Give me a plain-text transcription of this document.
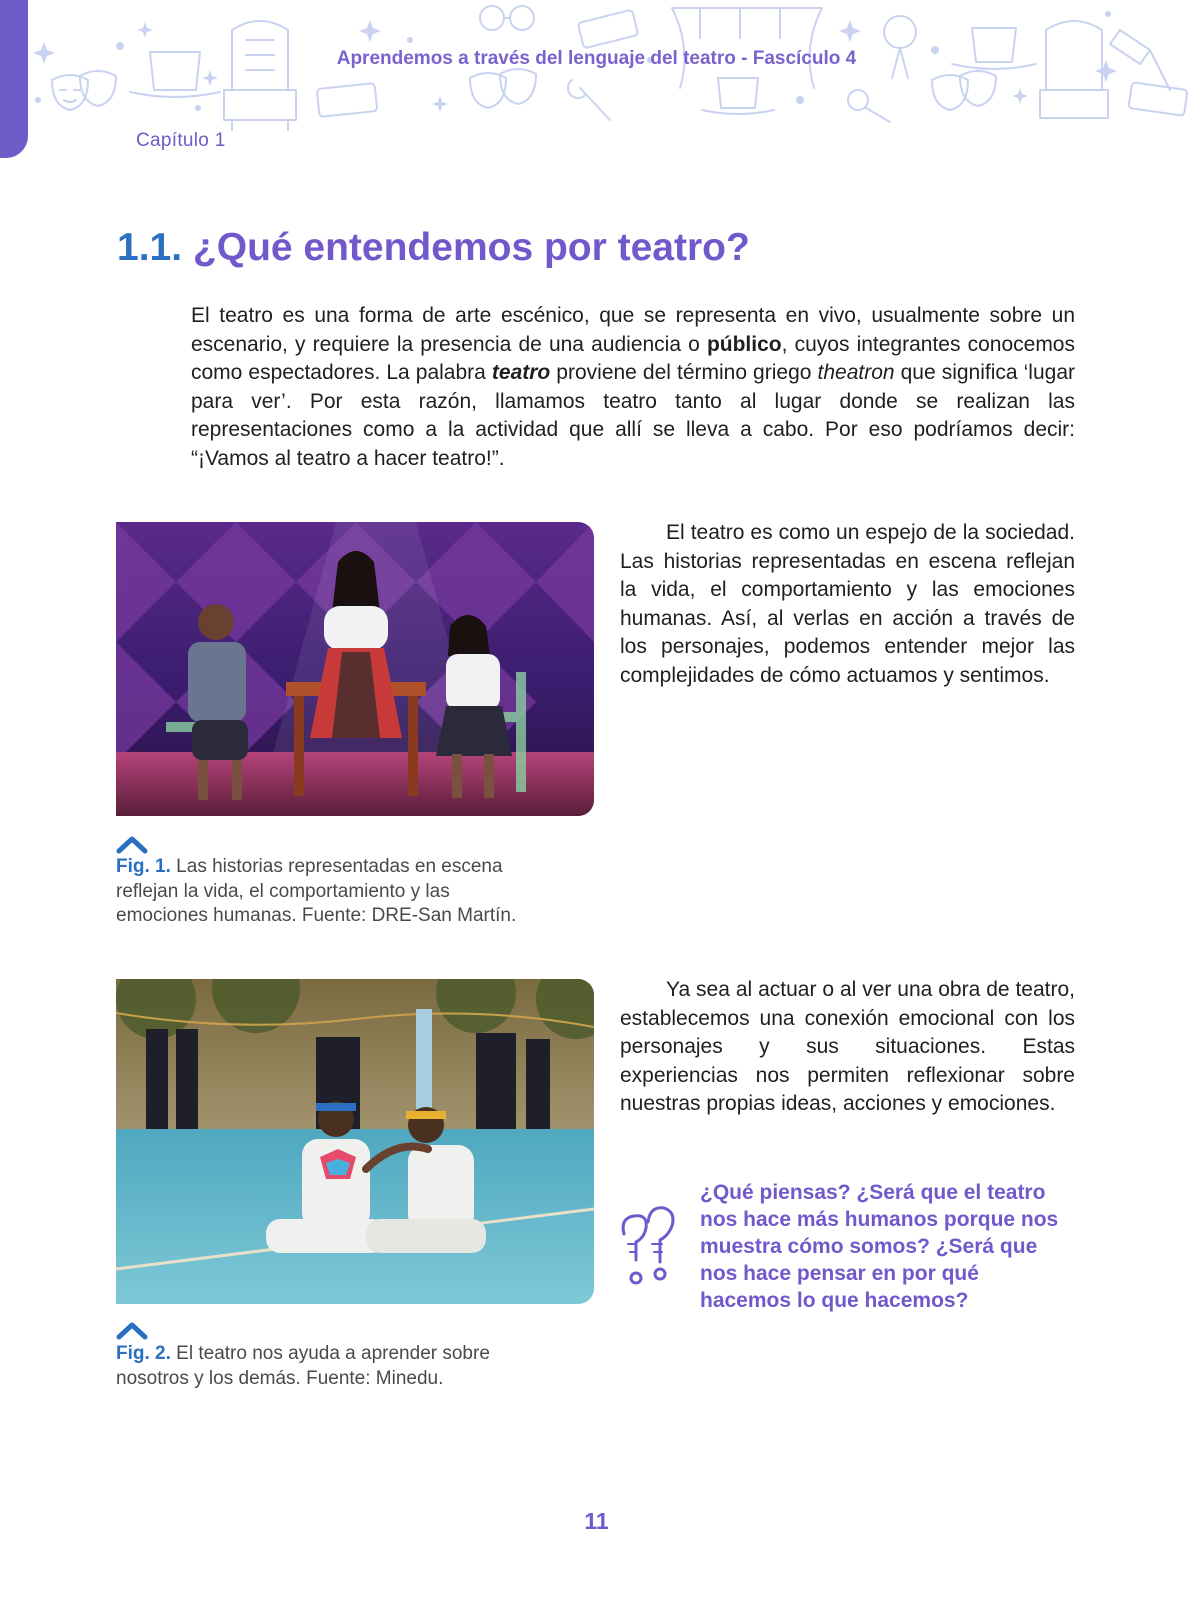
Aprendemos a través del lenguaje del teatro - Fascículo 4
Capítulo 1
1.1. ¿Qué entendemos por teatro?

El teatro es una forma de arte escénico, que se representa en vivo, usualmente sobre un escenario, y requiere la presencia de una audiencia o público, cuyos integrantes conocemos como espectadores. La palabra teatro proviene del término griego theatron que significa ‘lugar para ver’. Por esta razón, llamamos teatro tanto al lugar donde se realizan las representaciones como a la actividad que allí se lleva a cabo. Por eso podríamos decir: “¡Vamos al teatro a hacer teatro!”.

Fig. 1. Las historias representadas en escena reflejan la vida, el comportamiento y las emociones humanas. Fuente: DRE-San Martín.

El teatro es como un espejo de la sociedad. Las historias representadas en escena reflejan la vida, el comportamiento y las emociones humanas. Así, al verlas en acción a través de los personajes, podemos entender mejor las complejidades de cómo actuamos y sentimos.

Fig. 2. El teatro nos ayuda a aprender sobre nosotros y los demás. Fuente: Minedu.

Ya sea al actuar o al ver una obra de teatro, establecemos una conexión emocional con los personajes y sus situaciones. Estas experiencias nos permiten reflexionar sobre nuestras propias ideas, acciones y emociones.

¿Qué piensas? ¿Será que el teatro nos hace más humanos porque nos muestra cómo somos? ¿Será que nos hace pensar en por qué hacemos lo que hacemos?

11
